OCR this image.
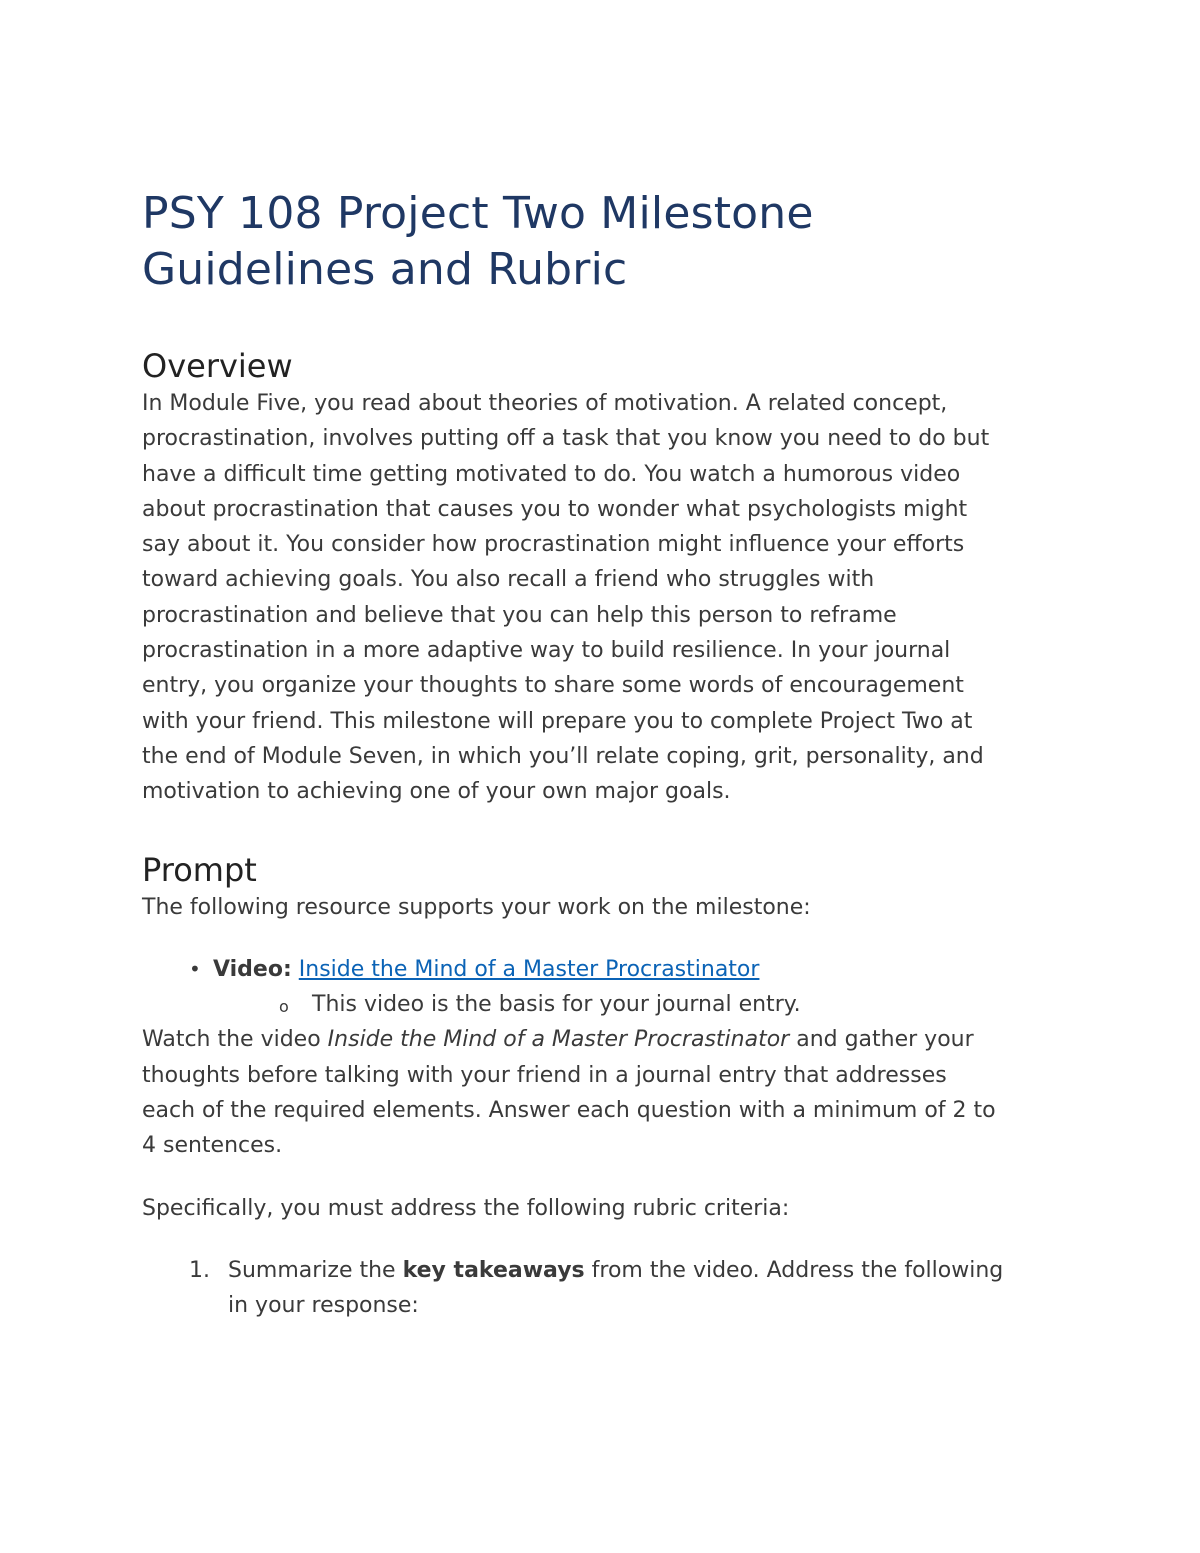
PSY 108 Project Two Milestone
Guidelines and Rubric
Overview
In Module Five, you read about theories of motivation. A related concept,
procrastination, involves putting off a task that you know you need to do but
have a difficult time getting motivated to do. You watch a humorous video
about procrastination that causes you to wonder what psychologists might
say about it. You consider how procrastination might influence your efforts
toward achieving goals. You also recall a friend who struggles with
procrastination and believe that you can help this person to reframe
procrastination in a more adaptive way to build resilience. In your journal
entry, you organize your thoughts to share some words of encouragement
with your friend. This milestone will prepare you to complete Project Two at
the end of Module Seven, in which you’ll relate coping, grit, personality, and
motivation to achieving one of your own major goals.
Prompt
The following resource supports your work on the milestone:
• Video: Inside the Mind of a Master Procrastinator
o This video is the basis for your journal entry.
Watch the video Inside the Mind of a Master Procrastinator and gather your
thoughts before talking with your friend in a journal entry that addresses
each of the required elements. Answer each question with a minimum of 2 to
4 sentences.
Specifically, you must address the following rubric criteria:
1. Summarize the key takeaways from the video. Address the following
in your response:
